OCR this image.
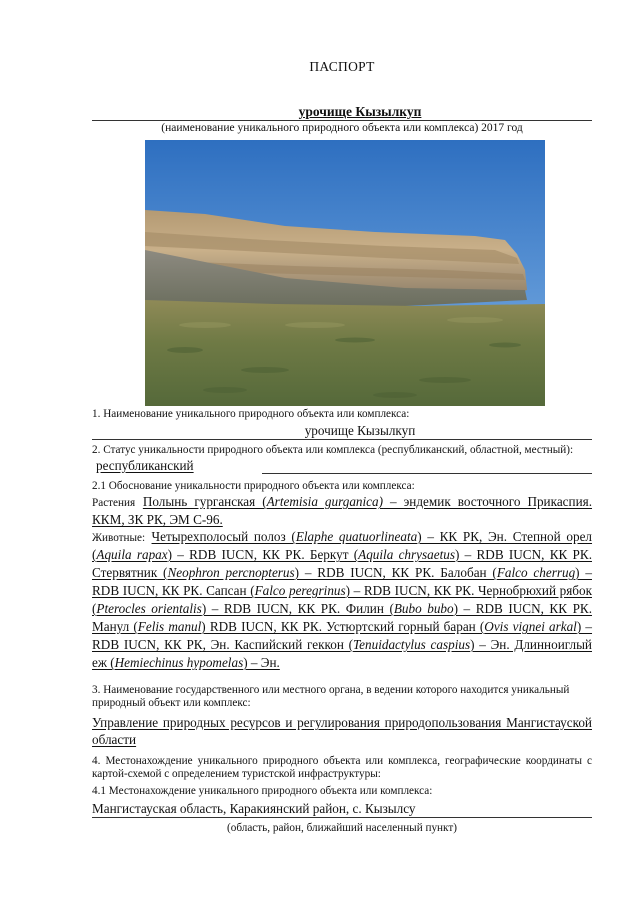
ПАСПОРТ
урочище Кызылкуп
(наименование уникального природного объекта или комплекса) 2017 год
1. Наименование уникального природного объекта или комплекса:
урочище Кызылкуп
2. Статус уникальности природного объекта или комплекса (республиканский, областной, местный): республиканский
2.1 Обоснование уникальности природного объекта или комплекса:
Растения Полынь гурганская (Artemisia gurganica) – эндемик восточного Прикаспия. ККМ, ЗК РК, ЭМ С-96.
Животные: Четырехполосый полоз (Elaphe quatuorlineata) – КК РК, Эн. Степной орел (Aquila rapax) – RDB IUCN, КК РК. Беркут (Aquila chrysaetus) – RDB IUCN, КК РК. Стервятник (Neophron percnopterus) – RDB IUCN, КК РК. Балобан (Falco cherrug) – RDB IUCN, КК РК. Сапсан (Falco peregrinus) – RDB IUCN, КК РК. Чернобрюхий рябок (Pterocles orientalis) – RDB IUCN, КК РК. Филин (Bubo bubo) – RDB IUCN, КК РК. Манул (Felis manul) RDB IUCN, КК РК. Устюртский горный баран (Ovis vignei arkal) – RDB IUCN, КК РК, Эн. Каспийский геккон (Tenuidactylus caspius) – Эн. Длинноиглый еж (Hemiechinus hypomelas) – Эн.
3. Наименование государственного или местного органа, в ведении которого находится уникальный природный объект или комплекс:
Управление природных ресурсов и регулирования природопользования Мангистауской области
4. Местонахождение уникального природного объекта или комплекса, географические координаты с картой-схемой с определением туристской инфраструктуры:
4.1 Местонахождение уникального природного объекта или комплекса:
Мангистауская область, Каракиянский район, с. Кызылсу
(область, район, ближайший населенный пункт)
